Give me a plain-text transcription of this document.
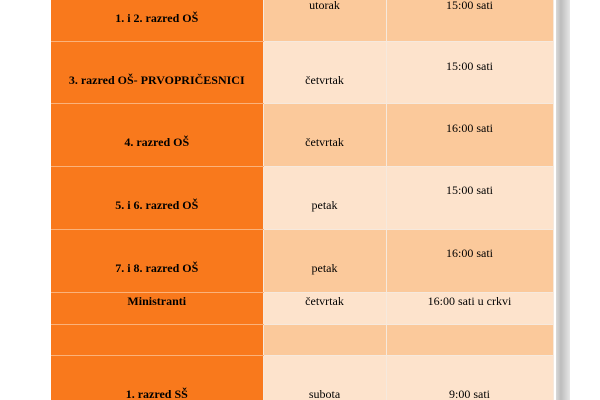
1. i 2. razred OŠ	utorak	15:00 sati

3. razred OŠ- PRVOPRIČESNICI	četvrtak	15:00 sati

4. razred OŠ	četvrtak	16:00 sati

5. i 6. razred OŠ	petak	15:00 sati

7. i 8. razred OŠ	petak	16:00 sati

Ministranti	četvrtak	16:00 sati u crkvi

1. razred SŠ	subota	9:00 sati
